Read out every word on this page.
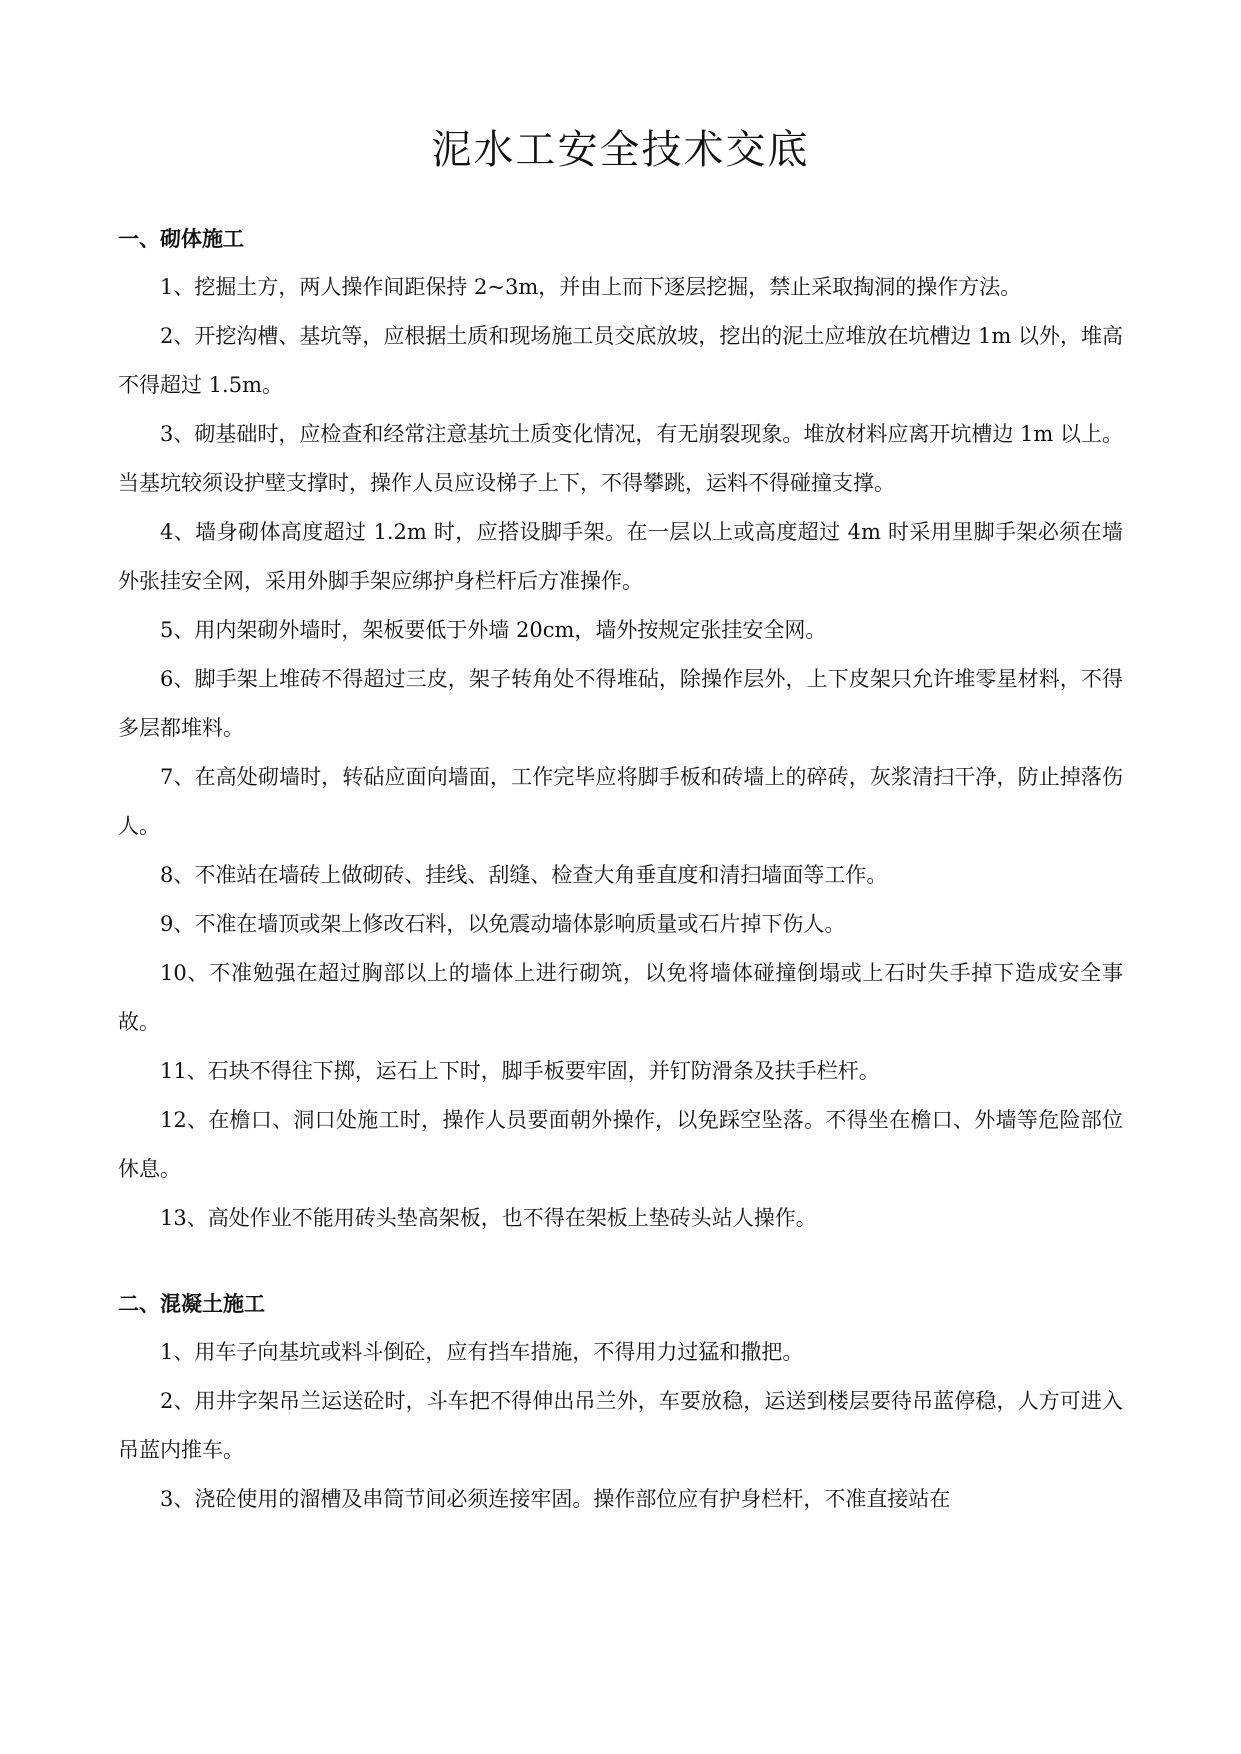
泥水工安全技术交底

一、砌体施工

1、挖掘土方，两人操作间距保持 2~3m，并由上而下逐层挖掘，禁止采取掏洞的操作方法。

2、开挖沟槽、基坑等，应根据土质和现场施工员交底放坡，挖出的泥土应堆放在坑槽边 1m 以外，堆高不得超过 1.5m。

3、砌基础时，应检查和经常注意基坑土质变化情况，有无崩裂现象。堆放材料应离开坑槽边 1m 以上。当基坑较须设护壁支撑时，操作人员应设梯子上下，不得攀跳，运料不得碰撞支撑。

4、墙身砌体高度超过 1.2m 时，应搭设脚手架。在一层以上或高度超过 4m 时采用里脚手架必须在墙外张挂安全网，采用外脚手架应绑护身栏杆后方准操作。

5、用内架砌外墙时，架板要低于外墙 20cm，墙外按规定张挂安全网。

6、脚手架上堆砖不得超过三皮，架子转角处不得堆砧，除操作层外，上下皮架只允许堆零星材料，不得多层都堆料。

7、在高处砌墙时，转砧应面向墙面，工作完毕应将脚手板和砖墙上的碎砖，灰浆清扫干净，防止掉落伤人。

8、不准站在墙砖上做砌砖、挂线、刮缝、检查大角垂直度和清扫墙面等工作。

9、不准在墙顶或架上修改石料，以免震动墙体影响质量或石片掉下伤人。

10、不准勉强在超过胸部以上的墙体上进行砌筑，以免将墙体碰撞倒塌或上石时失手掉下造成安全事故。

11、石块不得往下掷，运石上下时，脚手板要牢固，并钉防滑条及扶手栏杆。

12、在檐口、洞口处施工时，操作人员要面朝外操作，以免踩空坠落。不得坐在檐口、外墙等危险部位休息。

13、高处作业不能用砖头垫高架板，也不得在架板上垫砖头站人操作。

二、混凝土施工

1、用车子向基坑或料斗倒砼，应有挡车措施，不得用力过猛和撒把。

2、用井字架吊兰运送砼时，斗车把不得伸出吊兰外，车要放稳，运送到楼层要待吊蓝停稳，人方可进入吊蓝内推车。

3、浇砼使用的溜槽及串筒节间必须连接牢固。操作部位应有护身栏杆，不准直接站在
